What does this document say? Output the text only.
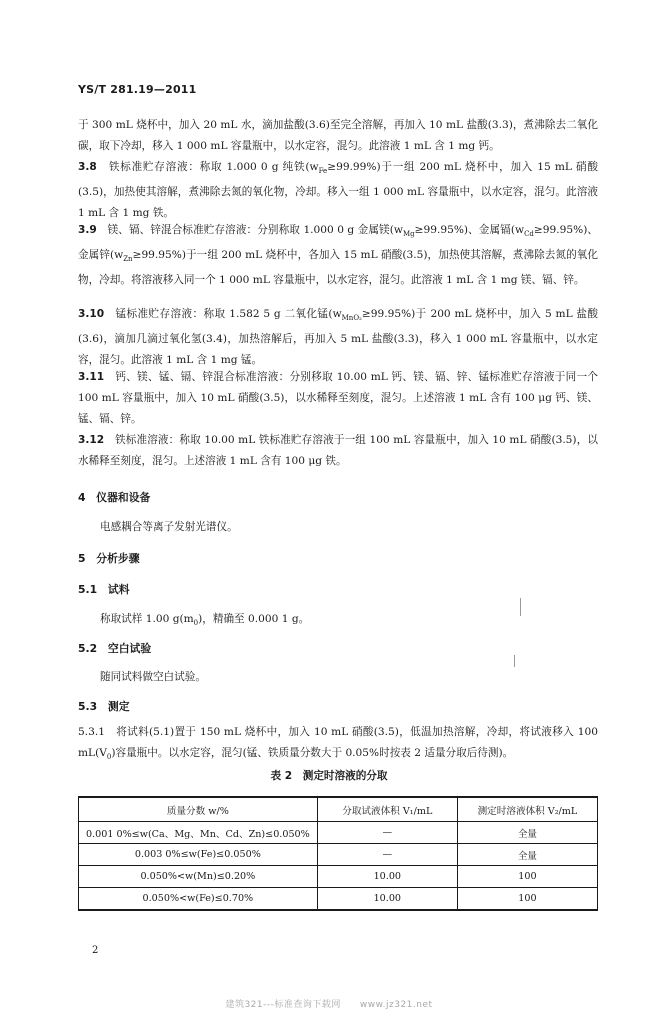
YS/T 281.19—2011

于 300 mL 烧杯中，加入 20 mL 水，滴加盐酸(3.6)至完全溶解，再加入 10 mL 盐酸(3.3)，煮沸除去二氧化碳，取下冷却，移入 1 000 mL 容量瓶中，以水定容，混匀。此溶液 1 mL 含 1 mg 钙。

3.8　 铁标准贮存溶液：称取 1.000 0 g 纯铁$(w_{Fe}\ge 99.99\%)$于一组 200 mL 烧杯中，加入 15 mL 硝酸(3.5)，加热使其溶解，煮沸除去氮的氧化物，冷却。移入一组 1 000 mL 容量瓶中，以水定容，混匀。此溶液 1 mL 含 1 mg 铁。

3.9　 镁、镉、锌混合标准贮存溶液：分别称取 1.000 0 g 金属镁$(w_{Mg}\ge 99.95\%)$、金属镉$(w_{Cd}\ge 99.95\%)$、金属锌$(w_{Zn}\ge 99.95\%)$于一组 200 mL 烧杯中，各加入 15 mL 硝酸(3.5)，加热使其溶解，煮沸除去氮的氧化物，冷却。将溶液移入同一个 1 000 mL 容量瓶中，以水定容，混匀。此溶液 1 mL 含 1 mg 镁、镉、锌。

3.10　 锰标准贮存溶液：称取 1.582 5 g 二氧化锰$(w_{MnO_2}\ge 99.95\%)$于 200 mL 烧杯中，加入 5 mL 盐酸(3.6)，滴加几滴过氧化氢(3.4)，加热溶解后，再加入 5 mL 盐酸(3.3)，移入 1 000 mL 容量瓶中，以水定容，混匀。此溶液 1 mL 含 1 mg 锰。

3.11　 钙、镁、锰、镉、锌混合标准溶液：分别移取 10.00 mL 钙、镁、镉、锌、锰标准贮存溶液于同一个 100 mL 容量瓶中，加入 10 mL 硝酸(3.5)，以水稀释至刻度，混匀。上述溶液 1 mL 含有 100 μg 钙、镁、锰、镉、锌。

3.12　 铁标准溶液：称取 10.00 mL 铁标准贮存溶液于一组 100 mL 容量瓶中，加入 10 mL 硝酸(3.5)，以水稀释至刻度，混匀。上述溶液 1 mL 含有 100 μg 铁。

4　仪器和设备

电感耦合等离子发射光谱仪。

5　分析步骤
5.1　试料

称取试样 1.00 $g(m_0)$，精确至 0.000 1 g。

5.2　空白试验

随同试料做空白试验。

5.3　测定

5.3.1　 将试料(5.1)置于 150 mL 烧杯中，加入 10 mL 硝酸(3.5)，低温加热溶解，冷却，将试液移入 100 $mL(V_0)$容量瓶中。以水定容，混匀(锰、铁质量分数大于 0.05%时按表 2 适量分取后待测)。

表 2　测定时溶液的分取
质量分数 w/%	分取试液体积 V₁/mL	测定时溶液体积 V₂/mL
0.001 0%≤w(Ca、Mg、Mn、Cd、Zn)≤0.050%	—	全量
0.003 0%≤w(Fe)≤0.050%	—	全量
0.050%<w(Mn)≤0.20%	10.00	100
0.050%<w(Fe)≤0.70%	10.00	100
2
建筑321---标准查询下载网　　www.jz321.net
